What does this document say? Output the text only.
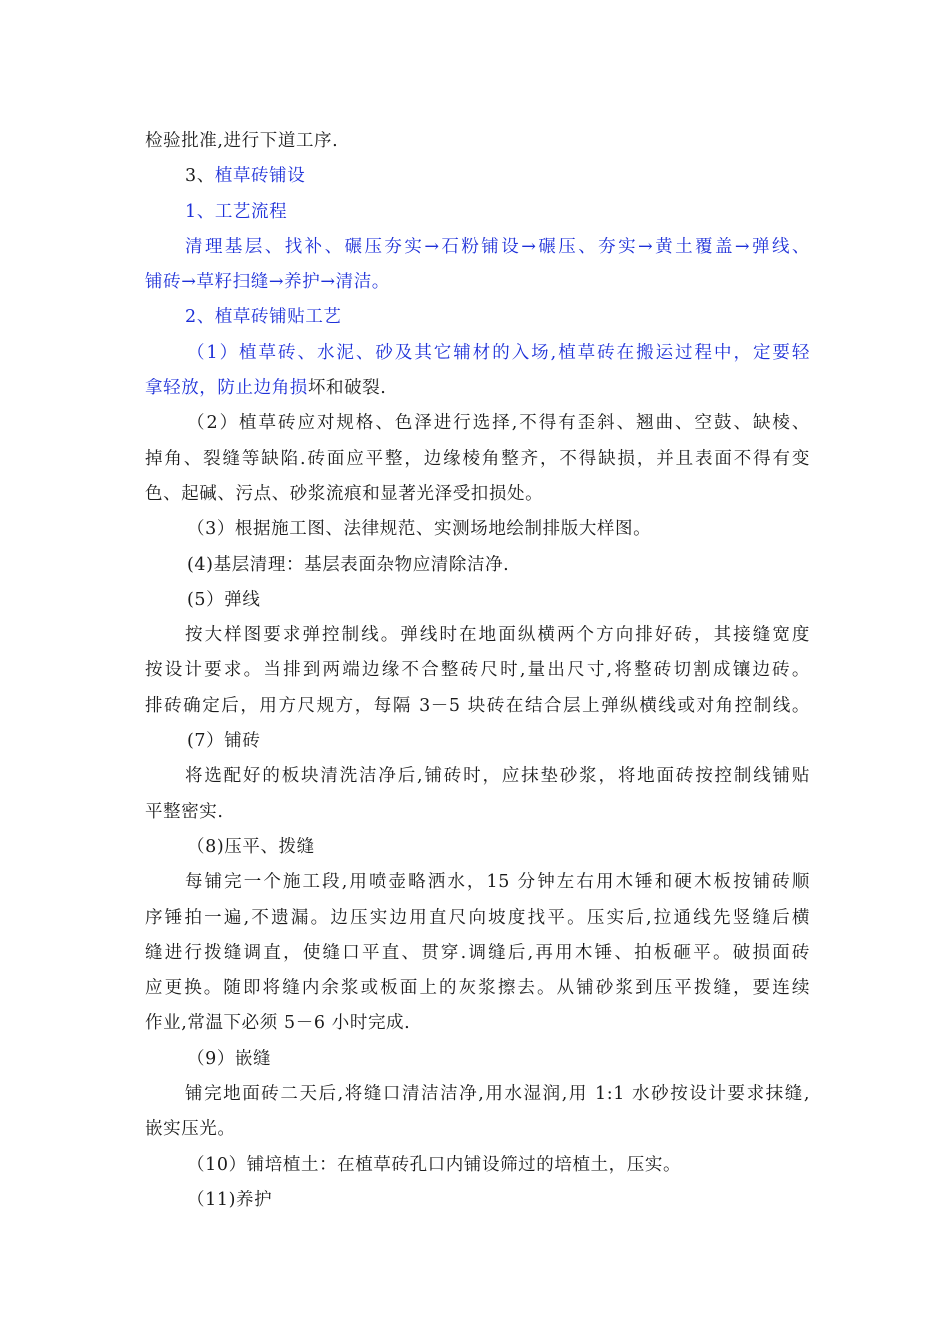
检验批准,进行下道工序.
3、植草砖铺设
1、工艺流程
清理基层、找补、碾压夯实→石粉铺设→碾压、夯实→黄土覆盖→弹线、
铺砖→草籽扫缝→养护→清洁。
2、植草砖铺贴工艺
（1）植草砖、水泥、砂及其它辅材的入场,植草砖在搬运过程中，定要轻
拿轻放，防止边角损坏和破裂.
（2）植草砖应对规格、色泽进行选择,不得有歪斜、翘曲、空鼓、缺棱、
掉角、裂缝等缺陷.砖面应平整，边缘棱角整齐，不得缺损，并且表面不得有变
色、起碱、污点、砂浆流痕和显著光泽受扣损处。
（3）根据施工图、法律规范、实测场地绘制排版大样图。
(4)基层清理：基层表面杂物应清除洁净.
(5）弹线
按大样图要求弹控制线。弹线时在地面纵横两个方向排好砖，其接缝宽度
按设计要求。当排到两端边缘不合整砖尺时,量出尺寸,将整砖切割成镶边砖。
排砖确定后，用方尺规方，每隔 3－5 块砖在结合层上弹纵横线或对角控制线。
(7）铺砖
将选配好的板块清洗洁净后,铺砖时，应抹垫砂浆，将地面砖按控制线铺贴
平整密实.
（8)压平、拨缝
每铺完一个施工段,用喷壶略洒水，15 分钟左右用木锤和硬木板按铺砖顺
序锤拍一遍,不遗漏。边压实边用直尺向坡度找平。压实后,拉通线先竖缝后横
缝进行拨缝调直，使缝口平直、贯穿.调缝后,再用木锤、拍板砸平。破损面砖
应更换。随即将缝内余浆或板面上的灰浆擦去。从铺砂浆到压平拨缝，要连续
作业,常温下必须 5－6 小时完成.
（9）嵌缝
铺完地面砖二天后,将缝口清洁洁净,用水湿润,用 1:1 水砂按设计要求抹缝,
嵌实压光。
（10）铺培植土：在植草砖孔口内铺设筛过的培植土，压实。
（11)养护
